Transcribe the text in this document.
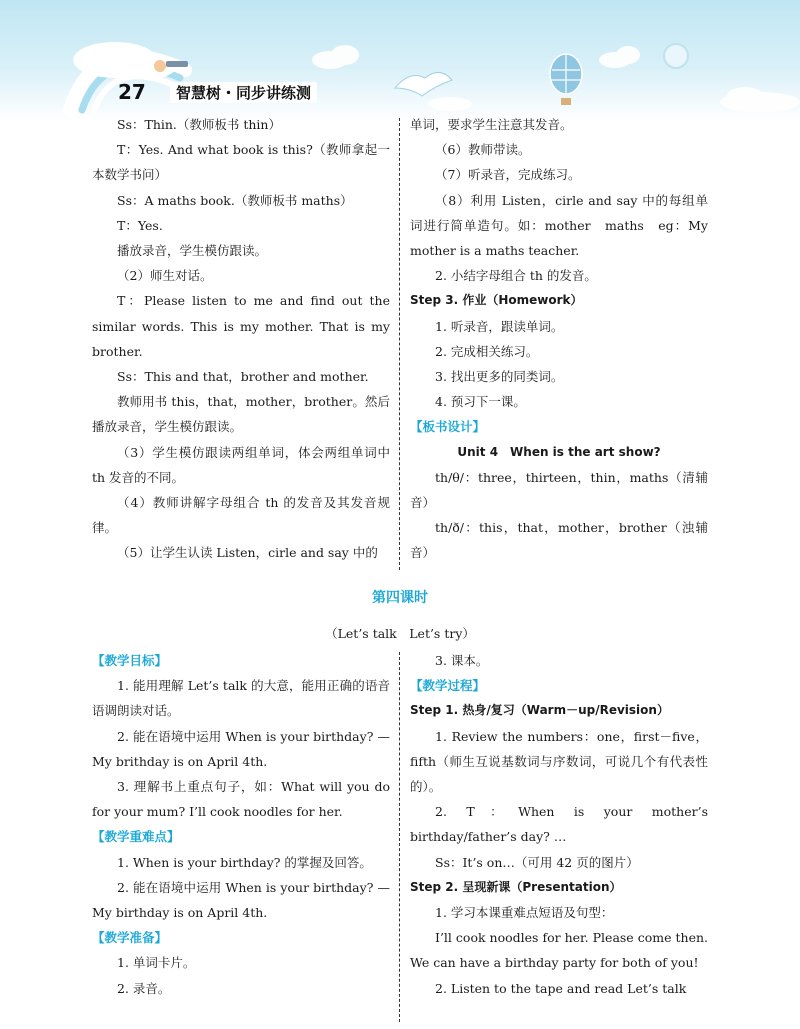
27	智慧树・同步讲练测

Ss：Thin.（教师板书 thin）

T：Yes. And what book is this?（教师拿起一本数学书问）

Ss：A maths book.（教师板书 maths）

T：Yes.

播放录音，学生模仿跟读。

（2）师生对话。

T：Please listen to me and find out the similar words. This is my mother. That is my brother.

Ss：This and that，brother and mother.

教师用书 this，that，mother，brother。然后播放录音，学生模仿跟读。

（3）学生模仿跟读两组单词，体会两组单词中 th 发音的不同。

（4）教师讲解字母组合 th 的发音及其发音规律。

（5）让学生认读 Listen，cirle and say 中的

单词，要求学生注意其发音。

（6）教师带读。

（7）听录音，完成练习。

（8）利用 Listen，cirle and say 中的每组单词进行简单造句。如：mother　maths　eg：My mother is a maths teacher.

2. 小结字母组合 th 的发音。

Step 3. 作业（Homework）

1. 听录音，跟读单词。

2. 完成相关练习。

3. 找出更多的同类词。

4. 预习下一课。

【板书设计】

Unit 4　When is the art show?

th/θ/：three，thirteen，thin，maths（清辅音）

th/ð/：this，that，mother，brother（浊辅音）

第四课时
（Let’s talk　Let’s try）

【教学目标】

1. 能用理解 Let’s talk 的大意，能用正确的语音语调朗读对话。

2. 能在语境中运用 When is your birthday? —My brithday is on April 4th.

3. 理解书上重点句子，如：What will you do for your mum? I’ll cook noodles for her.

【教学重难点】

1. When is your birthday? 的掌握及回答。

2. 能在语境中运用 When is your birthday? —My birthday is on April 4th.

【教学准备】

1. 单词卡片。

2. 录音。

3. 课本。

【教学过程】

Step 1. 热身/复习（Warm－up/Revision）

1. Review the numbers：one，first－five，fifth（师生互说基数词与序数词，可说几个有代表性的）。

2. T：When is your mother’s birthday/father’s day? …

Ss：It’s on…（可用 42 页的图片）

Step 2. 呈现新课（Presentation）

1. 学习本课重难点短语及句型：

I’ll cook noodles for her. Please come then. We can have a birthday party for both of you!

2. Listen to the tape and read Let’s talk
